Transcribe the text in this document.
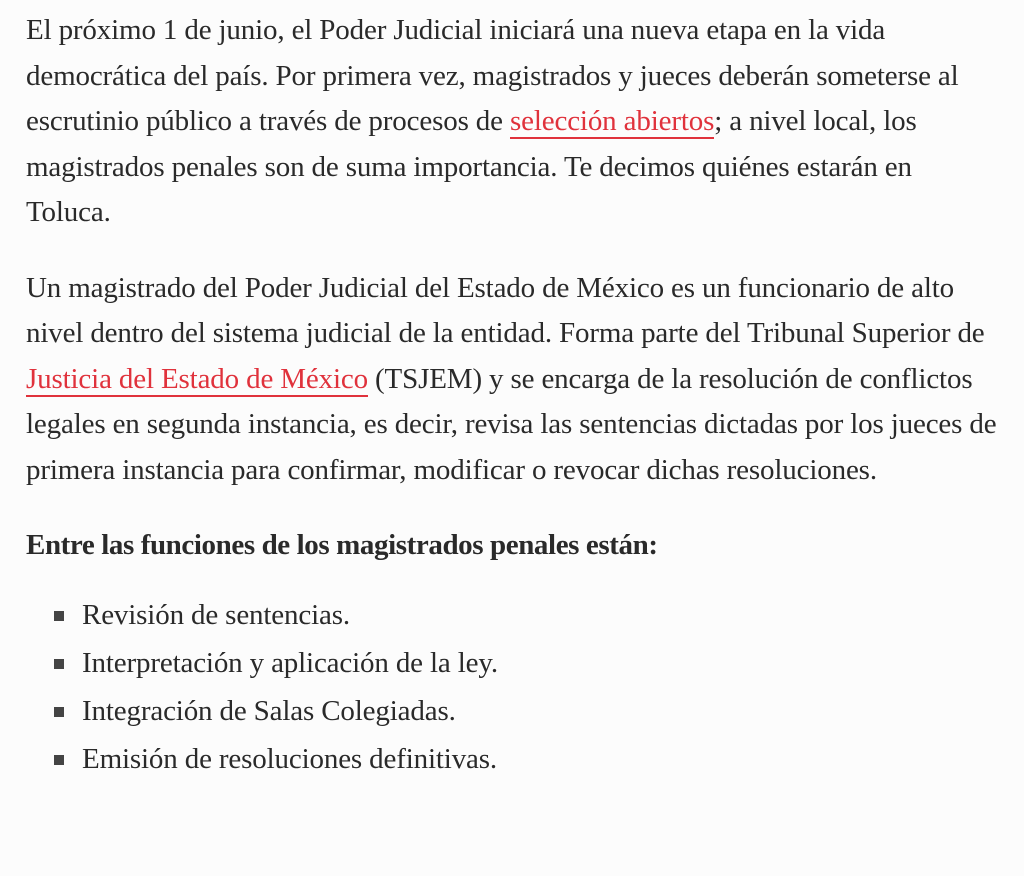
El próximo 1 de junio, el Poder Judicial iniciará una nueva etapa en la vida democrática del país. Por primera vez, magistrados y jueces deberán someterse al escrutinio público a través de procesos de selección abiertos; a nivel local, los magistrados penales son de suma importancia. Te decimos quiénes estarán en Toluca.

Un magistrado del Poder Judicial del Estado de México es un funcionario de alto nivel dentro del sistema judicial de la entidad. Forma parte del Tribunal Superior de Justicia del Estado de México (TSJEM) y se encarga de la resolución de conflictos legales en segunda instancia, es decir, revisa las sentencias dictadas por los jueces de primera instancia para confirmar, modificar o revocar dichas resoluciones.

Entre las funciones de los magistrados penales están:

Revisión de sentencias.
Interpretación y aplicación de la ley.
Integración de Salas Colegiadas.
Emisión de resoluciones definitivas.
